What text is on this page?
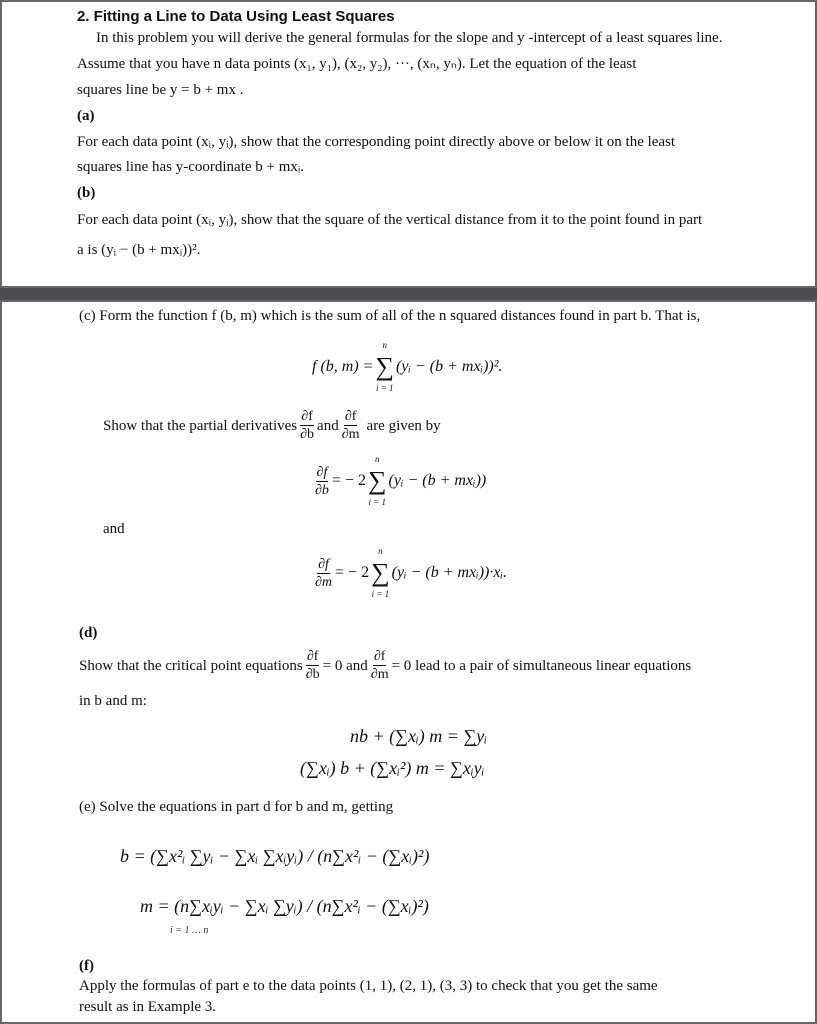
2. Fitting a Line to Data Using Least Squares
In this problem you will derive the general formulas for the slope and y -intercept of a least squares line.
Assume that you have n data points (x₁, y₁), (x₂, y₂), ···, (xₙ, yₙ). Let the equation of the least
squares line be y = b + mx .
(a)
For each data point (xᵢ, yᵢ), show that the corresponding point directly above or below it on the least
squares line has y-coordinate b + mxᵢ.
(b)
For each data point (xᵢ, yᵢ), show that the square of the vertical distance from it to the point found in part
a is (yᵢ − (b + mxᵢ))².
(c) Form the function f (b, m) which is the sum of all of the n squared distances found in part b. That is,
f (b, m) =
n
∑
i = 1
(yᵢ − (b + mxᵢ))².
Show that the partial derivatives $\frac{\partial f}{\partial b}$ and $\frac{\partial f}{\partial m}$ are given by
$\frac{\partial f}{\partial b}$ = − 2
n
∑
i = 1
(yᵢ − (b + mxᵢ))
and
$\frac{\partial f}{\partial m}$ = − 2
n
∑
i = 1
(yᵢ − (b + mxᵢ))·xᵢ.
(d)
Show that the critical point equations $\frac{\partial f}{\partial b} = 0$
and $\frac{\partial f}{\partial m} = 0$
lead to a pair of simultaneous linear equations
in b and m:
nb + (∑xᵢ) m = ∑yᵢ
(∑xᵢ) b + (∑xᵢ²) m = ∑xᵢyᵢ
(e) Solve the equations in part d for b and m, getting
b = (∑x²ᵢ ∑yᵢ − ∑xᵢ ∑xᵢyᵢ) / (n∑x²ᵢ − (∑xᵢ)²)
m = (n∑xᵢyᵢ − ∑xᵢ ∑yᵢ) / (n∑x²ᵢ − (∑xᵢ)²)
i = 1 … n
(f)
Apply the formulas of part e to the data points (1, 1), (2, 1), (3, 3) to check that you get the same
result as in Example 3.
